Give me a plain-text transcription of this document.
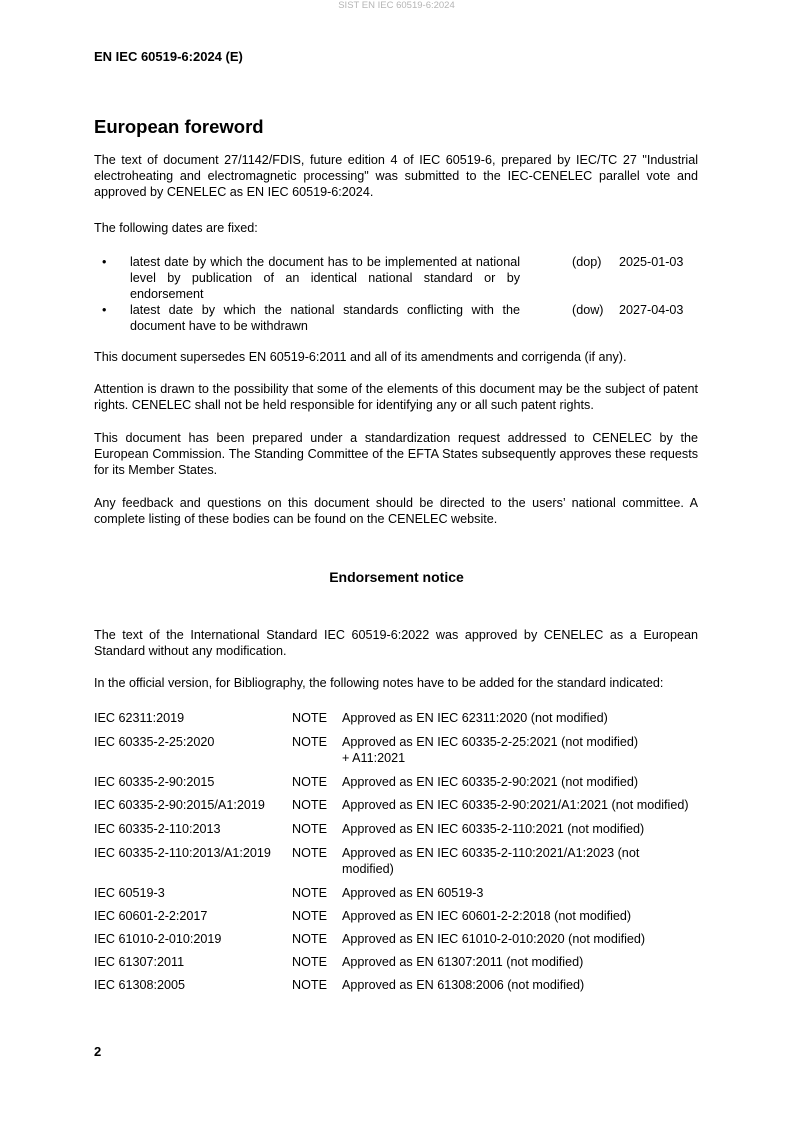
SIST EN IEC 60519-6:2024
EN IEC 60519-6:2024 (E)
European foreword

The text of document 27/1142/FDIS, future edition 4 of IEC 60519-6, prepared by IEC/TC 27 "Industrial electroheating and electromagnetic processing" was submitted to the IEC-CENELEC parallel vote and approved by CENELEC as EN IEC 60519-6:2024.

The following dates are fixed:

• latest date by which the document has to be implemented at national level by publication of an identical national standard or by endorsement
(dop) 2025-01-03
• latest date by which the national standards conflicting with the document have to be withdrawn
(dow) 2027-04-03

This document supersedes EN 60519-6:2011 and all of its amendments and corrigenda (if any).

Attention is drawn to the possibility that some of the elements of this document may be the subject of patent rights. CENELEC shall not be held responsible for identifying any or all such patent rights.

This document has been prepared under a standardization request addressed to CENELEC by the European Commission. The Standing Committee of the EFTA States subsequently approves these requests for its Member States.

Any feedback and questions on this document should be directed to the users’ national committee. A complete listing of these bodies can be found on the CENELEC website.

Endorsement notice

The text of the International Standard IEC 60519-6:2022 was approved by CENELEC as a European Standard without any modification.

In the official version, for Bibliography, the following notes have to be added for the standard indicated:

IEC 62311:2019	NOTE Approved as EN IEC 62311:2020 (not modified)
IEC 60335-2-25:2020	NOTE Approved as EN IEC 60335-2-25:2021 (not modified)
+ A11:2021
IEC 60335-2-90:2015	NOTE Approved as EN IEC 60335-2-90:2021 (not modified)
IEC 60335-2-90:2015/A1:2019 NOTE Approved as EN IEC 60335-2-90:2021/A1:2021 (not modified)
IEC 60335-2-110:2013	NOTE Approved as EN IEC 60335-2-110:2021 (not modified)
IEC 60335-2-110:2013/A1:2019 NOTE Approved as EN IEC 60335-2-110:2021/A1:2023 (not
modified)
IEC 60519-3	NOTE Approved as EN 60519-3
IEC 60601-2-2:2017	NOTE Approved as EN IEC 60601-2-2:2018 (not modified)
IEC 61010-2-010:2019	NOTE Approved as EN IEC 61010-2-010:2020 (not modified)
IEC 61307:2011	NOTE Approved as EN 61307:2011 (not modified)
IEC 61308:2005	NOTE Approved as EN 61308:2006 (not modified)
2
